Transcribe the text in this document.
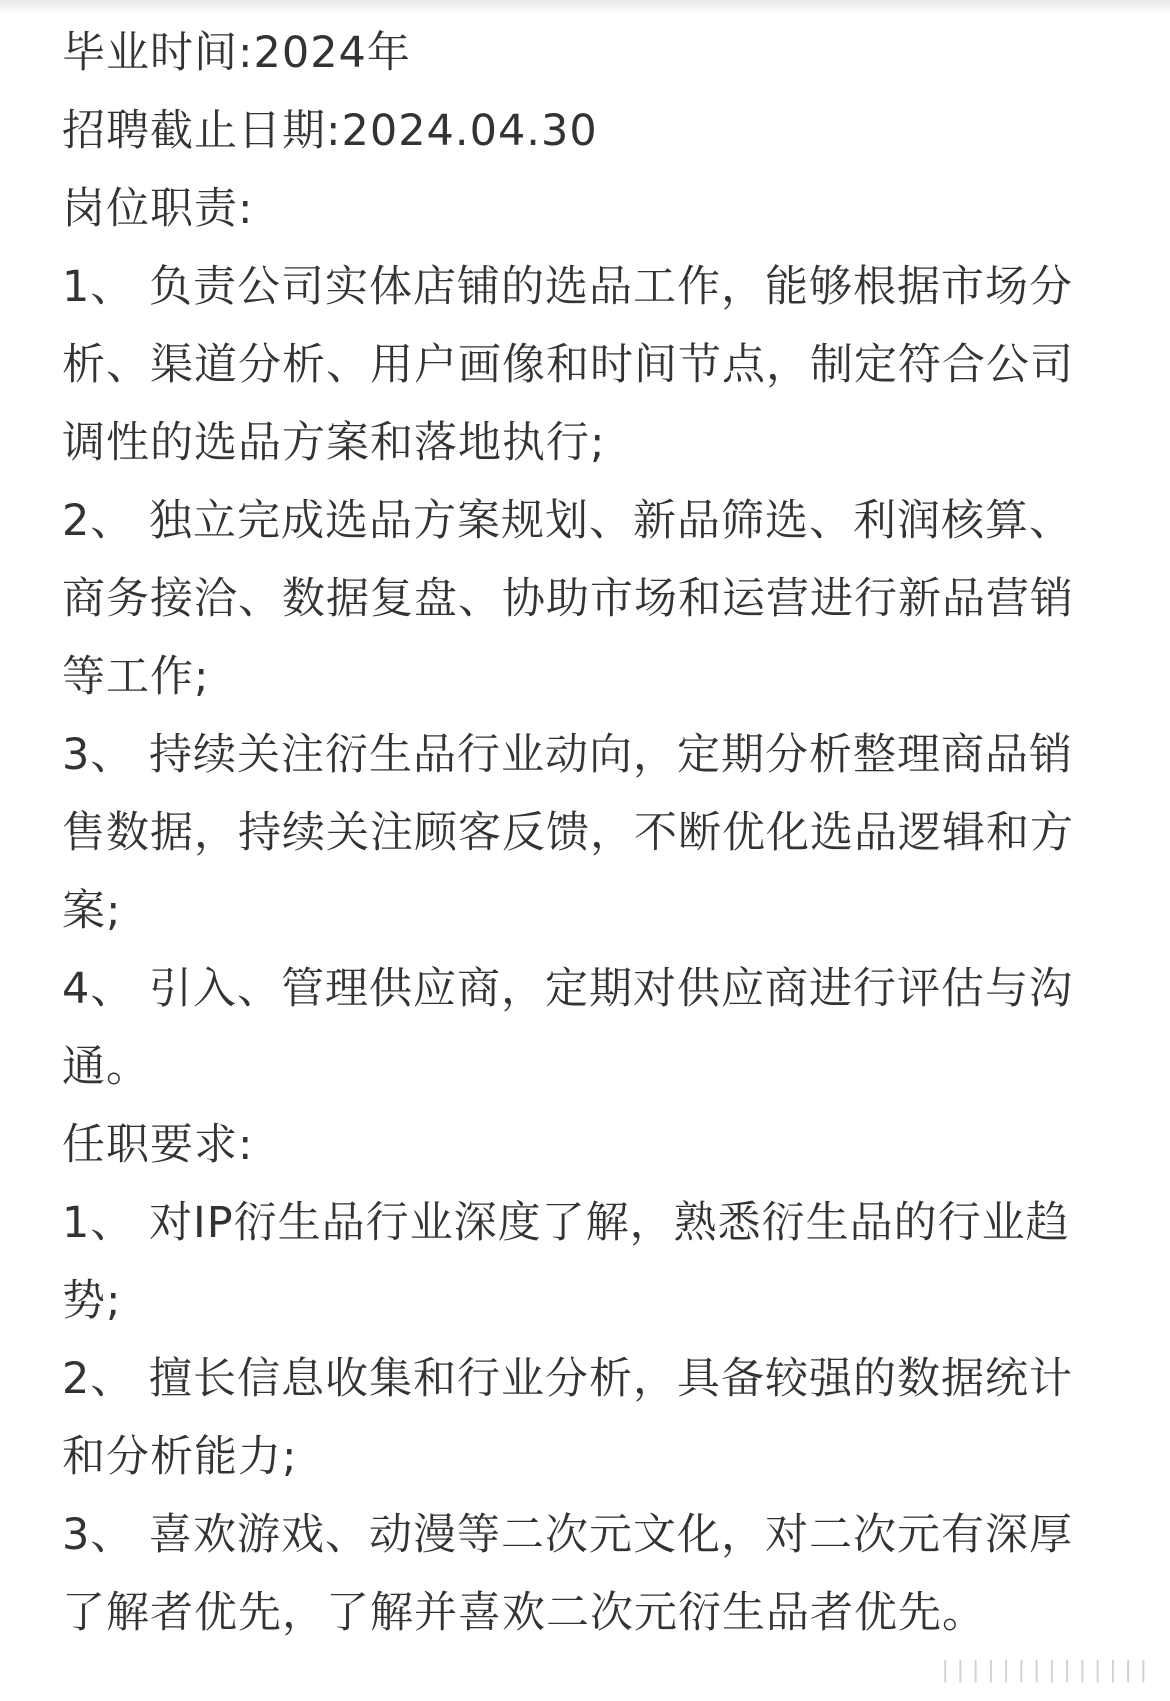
毕业时间:2024年
招聘截止日期:2024.04.30
岗位职责:
1、 负责公司实体店铺的选品工作，能够根据市场分
析、渠道分析、用户画像和时间节点，制定符合公司
调性的选品方案和落地执行;
2、 独立完成选品方案规划、新品筛选、利润核算、
商务接洽、数据复盘、协助市场和运营进行新品营销
等工作;
3、 持续关注衍生品行业动向，定期分析整理商品销
售数据，持续关注顾客反馈，不断优化选品逻辑和方
案;
4、 引入、管理供应商，定期对供应商进行评估与沟
通。
任职要求:
1、 对IP衍生品行业深度了解，熟悉衍生品的行业趋
势;
2、 擅长信息收集和行业分析，具备较强的数据统计
和分析能力;
3、 喜欢游戏、动漫等二次元文化，对二次元有深厚
了解者优先，了解并喜欢二次元衍生品者优先。
||||||||||||||
